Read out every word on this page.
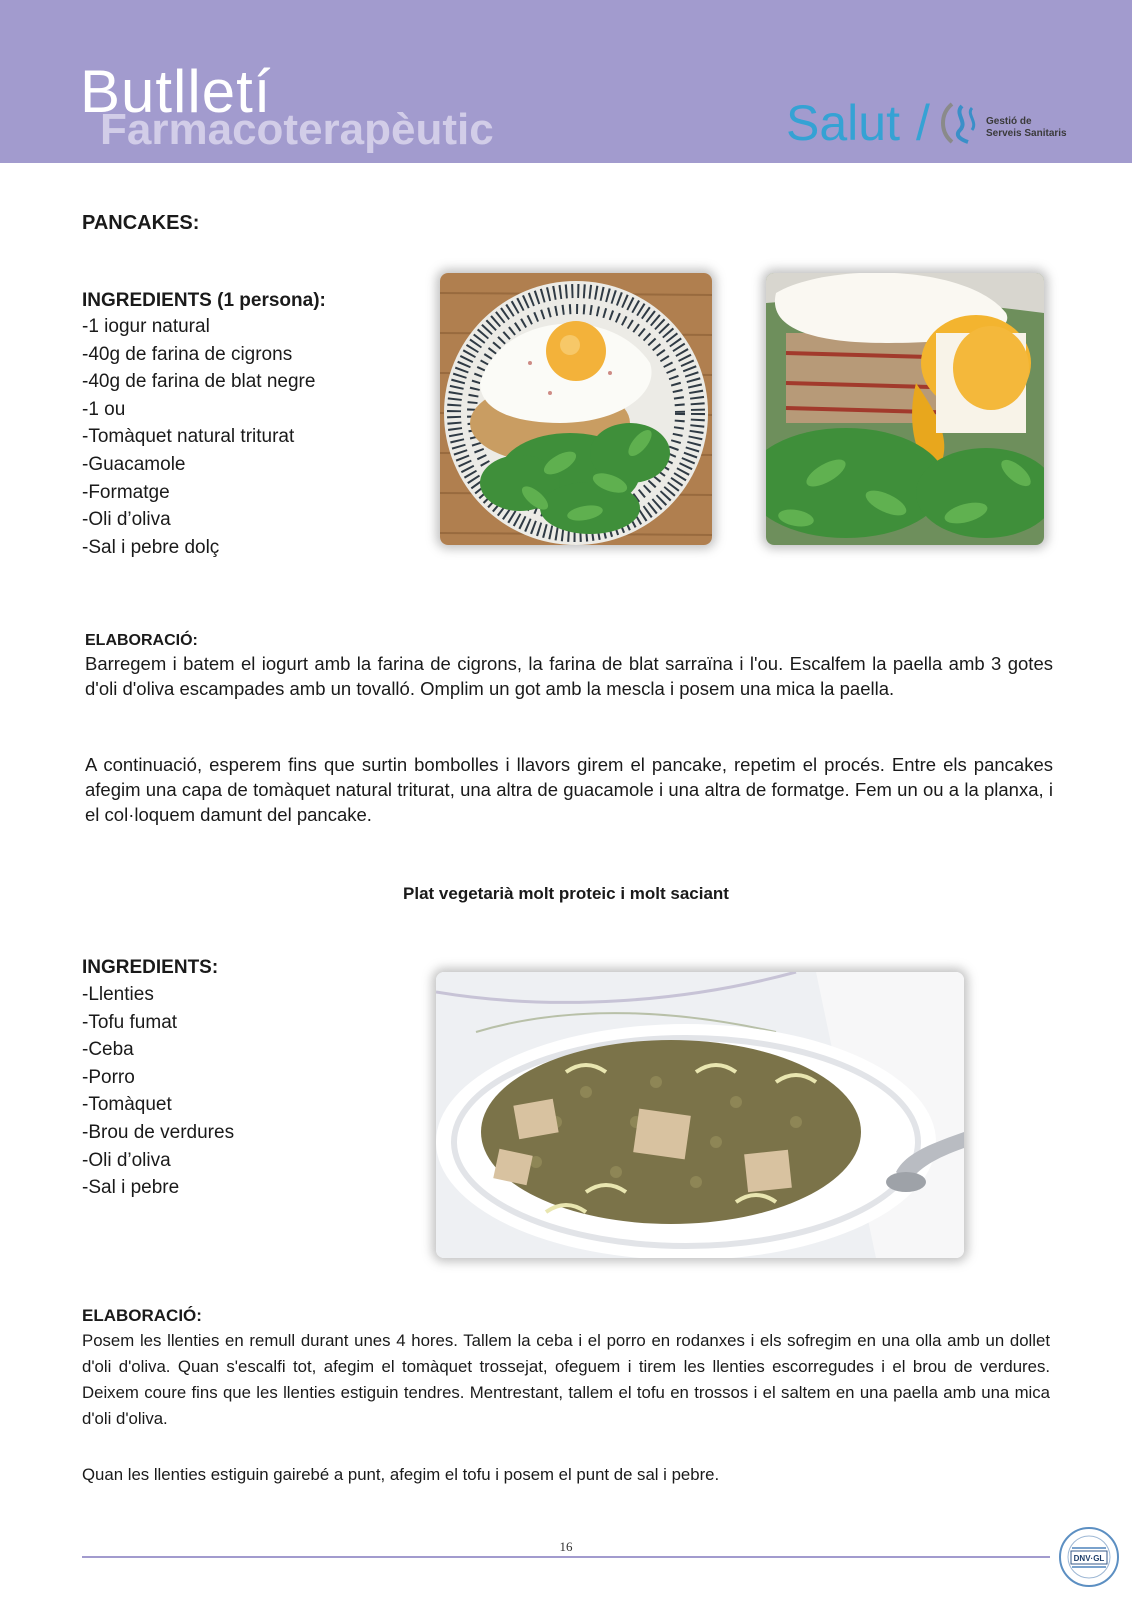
Butlletí
Farmacoterapèutic	Salut /	Gestió de
Serveis Sanitaris
PANCAKES:
INGREDIENTS (1 persona):
-1 iogur natural
-40g de farina de cigrons
-40g de farina de blat negre
-1 ou
-Tomàquet natural triturat
-Guacamole
-Formatge
-Oli d’oliva
-Sal i pebre dolç
ELABORACIÓ:

Barregem i batem el iogurt amb la farina de cigrons, la farina de blat sarraïna i l'ou. Escalfem la paella amb 3 gotes d'oli d'oliva escampades amb un tovalló. Omplim un got amb la mescla i posem una mica la paella.

A continuació, esperem fins que surtin bombolles i llavors girem el pancake, repetim el procés. Entre els pancakes afegim una capa de tomàquet natural triturat, una altra de guacamole i una altra de formatge. Fem un ou a la planxa, i el col·loquem damunt del pancake.

Plat vegetarià molt proteic i molt saciant
INGREDIENTS:
-Llenties
-Tofu fumat
-Ceba
-Porro
-Tomàquet
-Brou de verdures
-Oli d’oliva
-Sal i pebre
ELABORACIÓ:

Posem les llenties en remull durant unes 4 hores. Tallem la ceba i el porro en rodanxes i els sofregim en una olla amb un dollet d'oli d'oliva. Quan s'escalfi tot, afegim el tomàquet trossejat, ofeguem i tirem les llenties escorregudes i el brou de verdures. Deixem coure fins que les llenties estiguin tendres. Mentrestant, tallem el tofu en trossos i el saltem en una paella amb una mica d'oli d'oliva.

Quan les llenties estiguin gairebé a punt, afegim el tofu i posem el punt de sal i pebre.

16
DNV·GL
